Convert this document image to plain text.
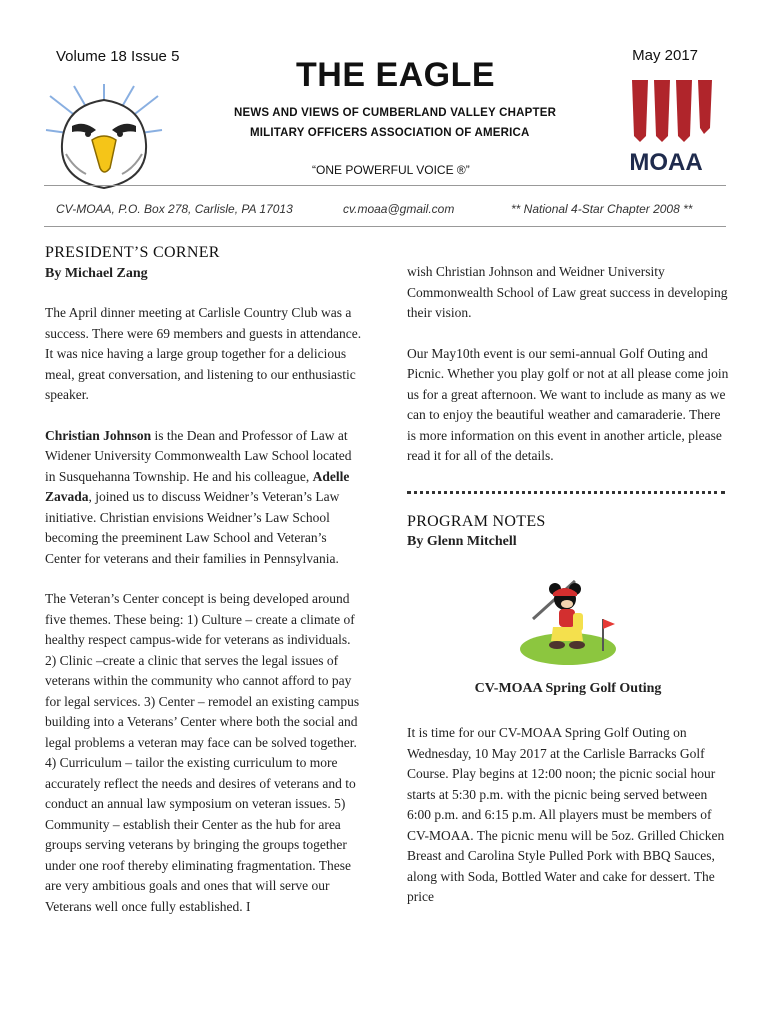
Volume 18 Issue 5	May 2017
THE EAGLE
NEWS AND VIEWS OF CUMBERLAND VALLEY CHAPTER
MILITARY OFFICERS ASSOCIATION OF AMERICA
“ONE POWERFUL VOICE ®”	MOAA
CV-MOAA, P.O. Box 278, Carlisle, PA 17013	cv.moaa@gmail.com	** National 4-Star Chapter 2008 **
PRESIDENT’S CORNER
By Michael Zang

The April dinner meeting at Carlisle Country Club was a success. There were 69 members and guests in attendance. It was nice having a large group together for a delicious meal, great conversation, and listening to our enthusiastic speaker.

Christian Johnson is the Dean and Professor of Law at Widener University Commonwealth Law School located in Susquehanna Township. He and his colleague, Adelle Zavada, joined us to discuss Weidner’s Veteran’s Law initiative. Christian envisions Weidner’s Law School becoming the preeminent Law School and Veteran’s Center for veterans and their families in Pennsylvania.

The Veteran’s Center concept is being developed around five themes. These being: 1) Culture – create a climate of healthy respect campus-wide for veterans as individuals. 2) Clinic –create a clinic that serves the legal issues of veterans within the community who cannot afford to pay for legal services. 3) Center – remodel an existing campus building into a Veterans’ Center where both the social and legal problems a veteran may face can be solved together. 4) Curriculum – tailor the existing curriculum to more accurately reflect the needs and desires of veterans and to conduct an annual law symposium on veteran issues. 5) Community – establish their Center as the hub for area groups serving veterans by bringing the groups together under one roof thereby eliminating fragmentation. These are very ambitious goals and ones that will serve our Veterans well once fully established. I

wish Christian Johnson and Weidner University Commonwealth School of Law great success in developing their vision.

Our May10th event is our semi-annual Golf Outing and Picnic. Whether you play golf or not at all please come join us for a great afternoon. We want to include as many as we can to enjoy the beautiful weather and camaraderie. There is more information on this event in another article, please read it for all of the details.

PROGRAM NOTES
By Glenn Mitchell
CV-MOAA Spring Golf Outing

It is time for our CV-MOAA Spring Golf Outing on Wednesday, 10 May 2017 at the Carlisle Barracks Golf Course. Play begins at 12:00 noon; the picnic social hour starts at 5:30 p.m. with the picnic being served between 6:00 p.m. and 6:15 p.m. All players must be members of CV-MOAA. The picnic menu will be 5oz. Grilled Chicken Breast and Carolina Style Pulled Pork with BBQ Sauces, along with Soda, Bottled Water and cake for dessert. The price
